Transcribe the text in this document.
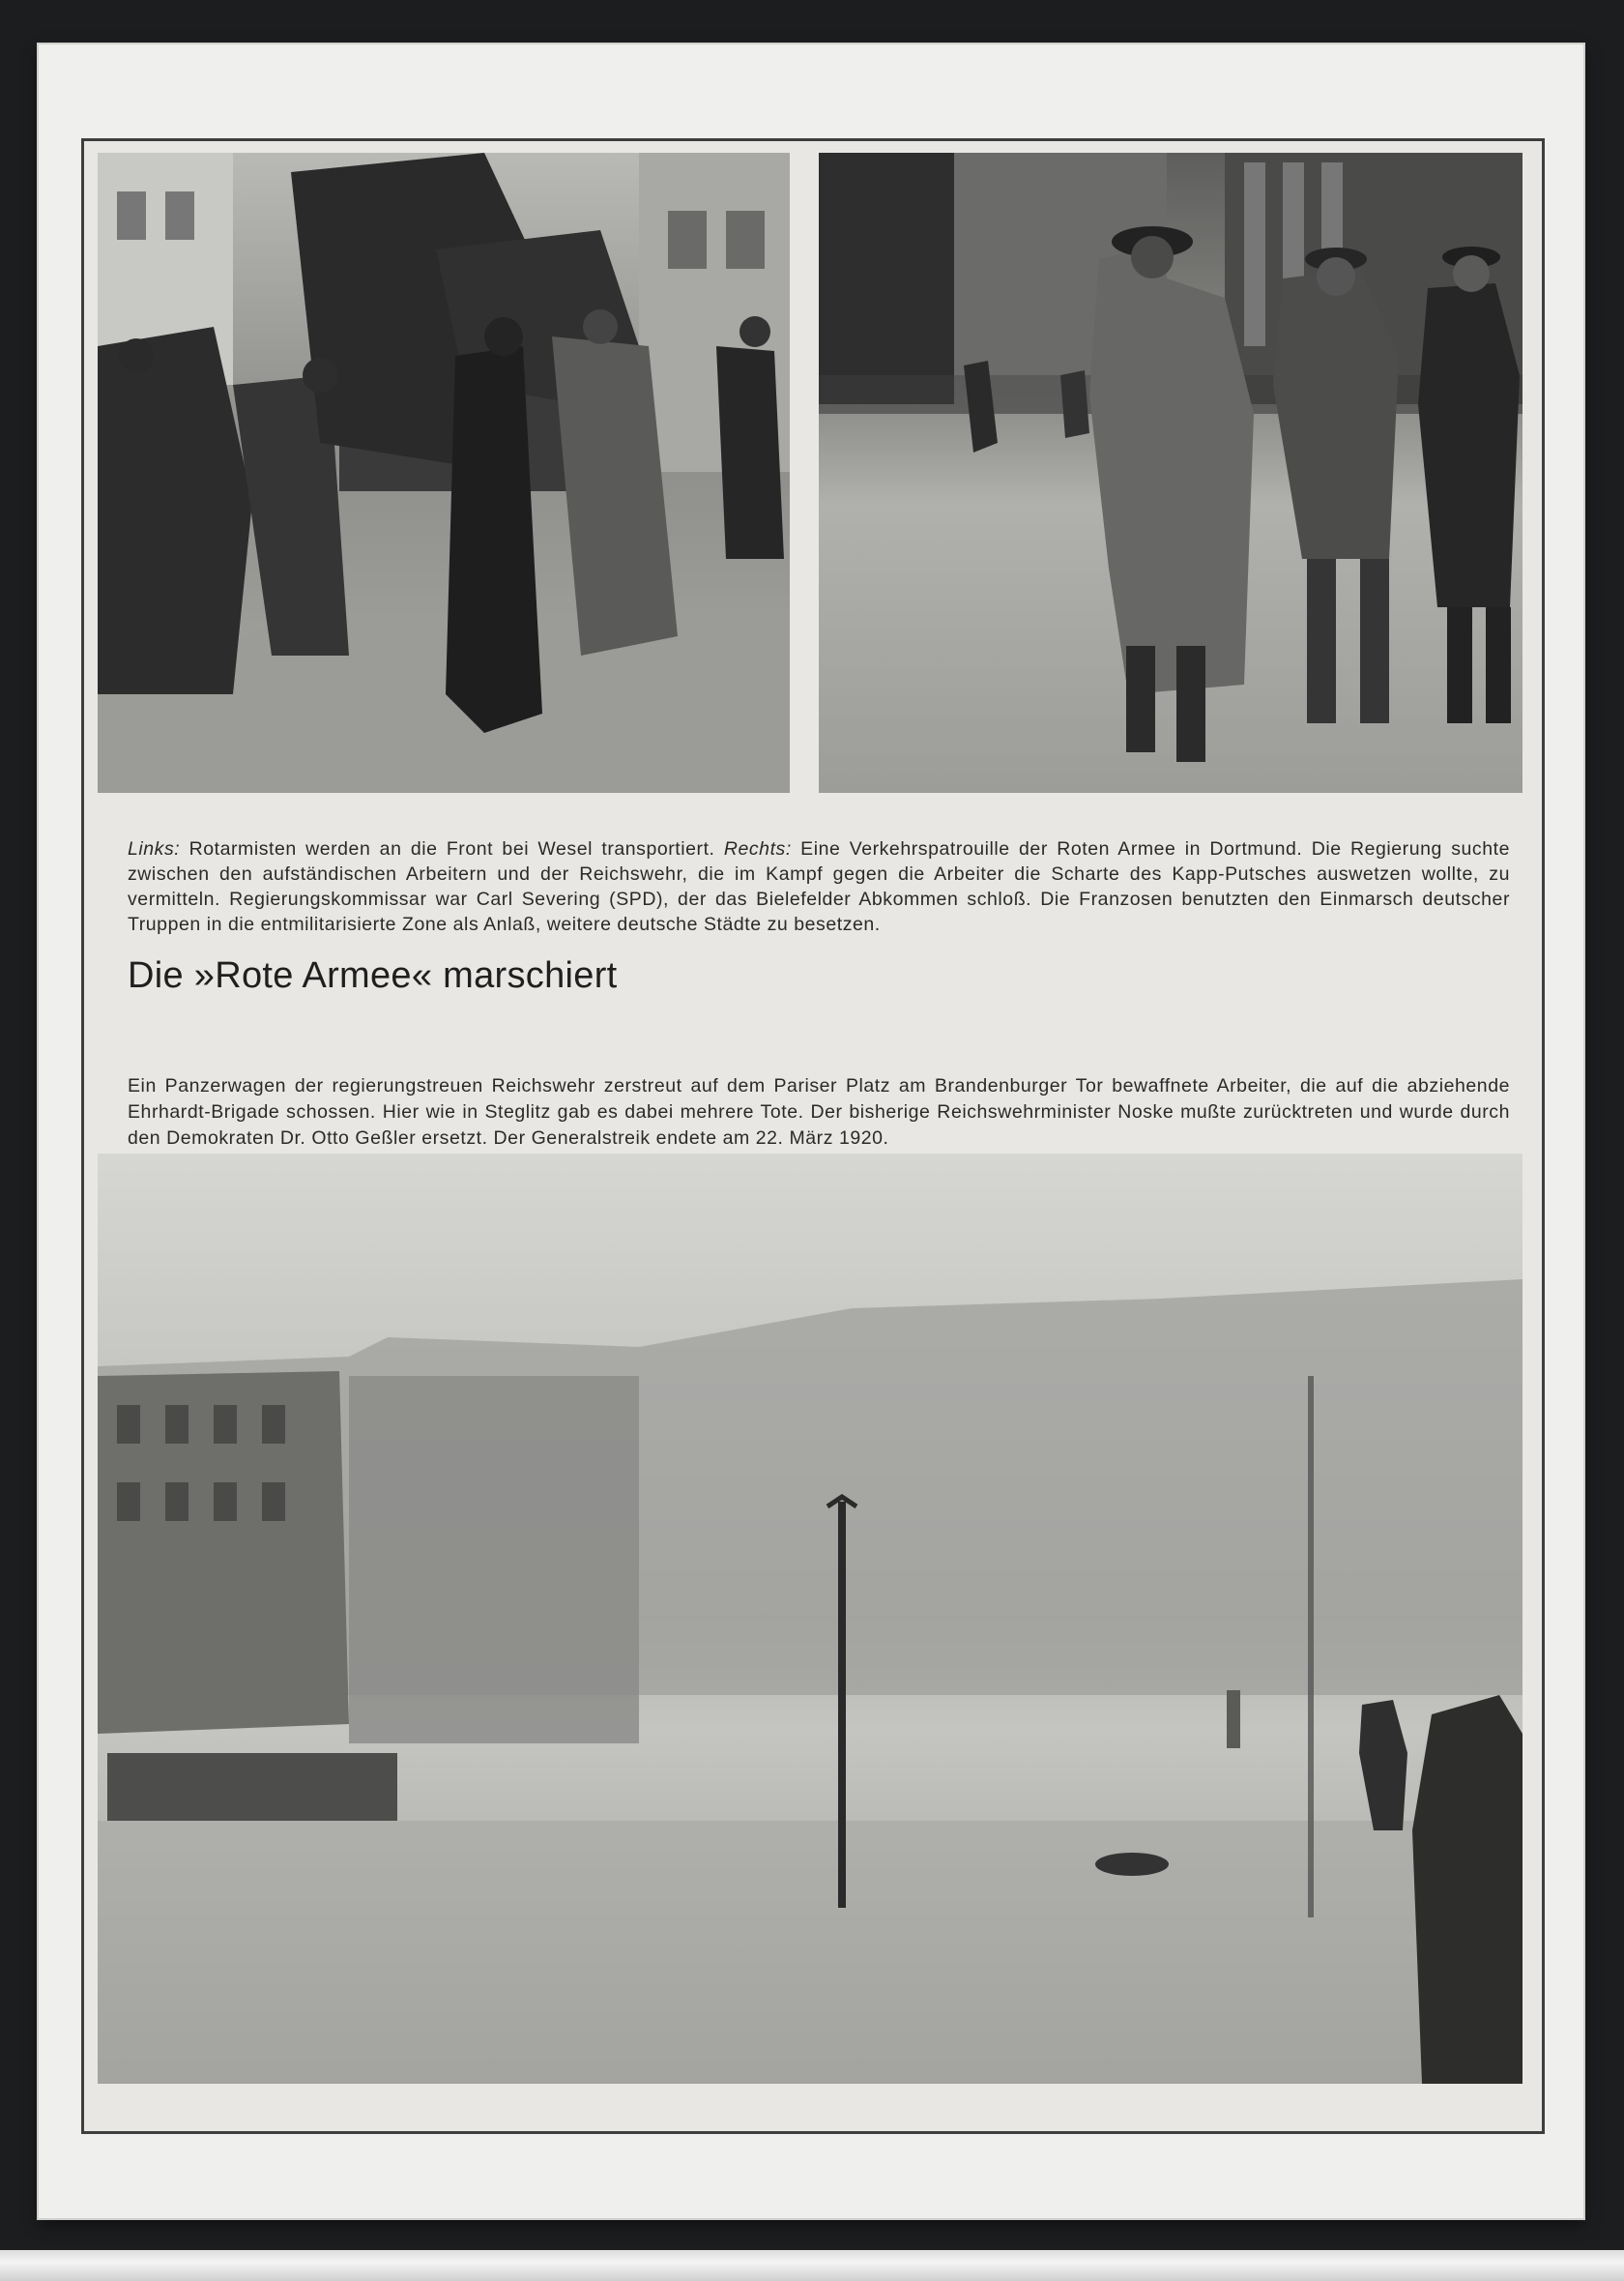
Links: Rotarmisten werden an die Front bei Wesel transportiert. Rechts: Eine Verkehrspatrouille der Roten Armee in Dortmund. Die Regierung suchte zwischen den aufständischen Arbeitern und der Reichswehr, die im Kampf gegen die Arbeiter die Scharte des Kapp-Putsches auswetzen wollte, zu vermitteln. Regierungskommissar war Carl Severing (SPD), der das Bielefelder Abkommen schloß. Die Franzosen benutzten den Einmarsch deutscher Truppen in die entmilitarisierte Zone als Anlaß, weitere deutsche Städte zu besetzen.

Die »Rote Armee« marschiert

Ein Panzerwagen der regierungstreuen Reichswehr zerstreut auf dem Pariser Platz am Brandenburger Tor bewaffnete Arbeiter, die auf die abziehende Ehrhardt-Brigade schossen. Hier wie in Steglitz gab es dabei mehrere Tote. Der bisherige Reichswehrminister Noske mußte zurücktreten und wurde durch den Demokraten Dr. Otto Geßler ersetzt. Der Generalstreik endete am 22. März 1920.
